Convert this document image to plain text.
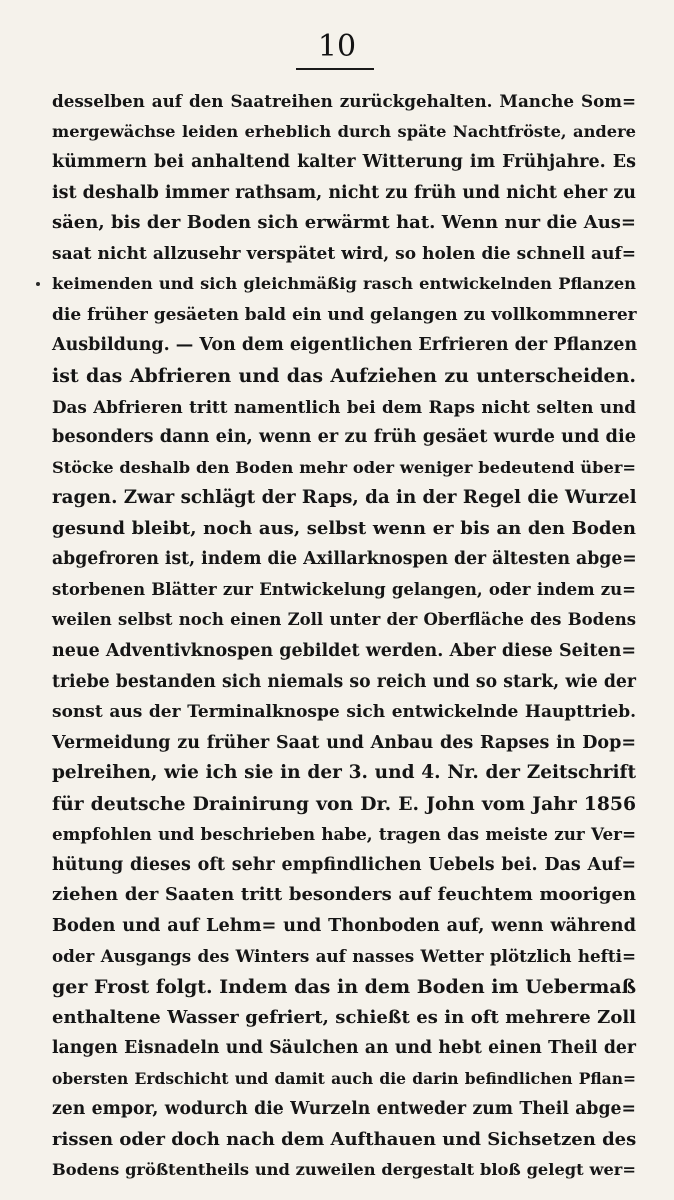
10
desselben auf den Saatreihen zurückgehalten. Manche Som=
mergewächse leiden erheblich durch späte Nachtfröste, andere
kümmern bei anhaltend kalter Witterung im Frühjahre. Es
ist deshalb immer rathsam, nicht zu früh und nicht eher zu
säen, bis der Boden sich erwärmt hat. Wenn nur die Aus=
saat nicht allzusehr verspätet wird, so holen die schnell auf=
keimenden und sich gleichmäßig rasch entwickelnden Pflanzen
die früher gesäeten bald ein und gelangen zu vollkommnerer
Ausbildung. — Von dem eigentlichen Erfrieren der Pflanzen
ist das Abfrieren und das Aufziehen zu unterscheiden.
Das Abfrieren tritt namentlich bei dem Raps nicht selten und
besonders dann ein, wenn er zu früh gesäet wurde und die
Stöcke deshalb den Boden mehr oder weniger bedeutend über=
ragen. Zwar schlägt der Raps, da in der Regel die Wurzel
gesund bleibt, noch aus, selbst wenn er bis an den Boden
abgefroren ist, indem die Axillarknospen der ältesten abge=
storbenen Blätter zur Entwickelung gelangen, oder indem zu=
weilen selbst noch einen Zoll unter der Oberfläche des Bodens
neue Adventivknospen gebildet werden. Aber diese Seiten=
triebe bestanden sich niemals so reich und so stark, wie der
sonst aus der Terminalknospe sich entwickelnde Haupttrieb.
Vermeidung zu früher Saat und Anbau des Rapses in Dop=
pelreihen, wie ich sie in der 3. und 4. Nr. der Zeitschrift
für deutsche Drainirung von Dr. E. John vom Jahr 1856
empfohlen und beschrieben habe, tragen das meiste zur Ver=
hütung dieses oft sehr empfindlichen Uebels bei. Das Auf=
ziehen der Saaten tritt besonders auf feuchtem moorigen
Boden und auf Lehm= und Thonboden auf, wenn während
oder Ausgangs des Winters auf nasses Wetter plötzlich hefti=
ger Frost folgt. Indem das in dem Boden im Uebermaß
enthaltene Wasser gefriert, schießt es in oft mehrere Zoll
langen Eisnadeln und Säulchen an und hebt einen Theil der
obersten Erdschicht und damit auch die darin befindlichen Pflan=
zen empor, wodurch die Wurzeln entweder zum Theil abge=
rissen oder doch nach dem Aufthauen und Sichsetzen des
Bodens größtentheils und zuweilen dergestalt bloß gelegt wer=
